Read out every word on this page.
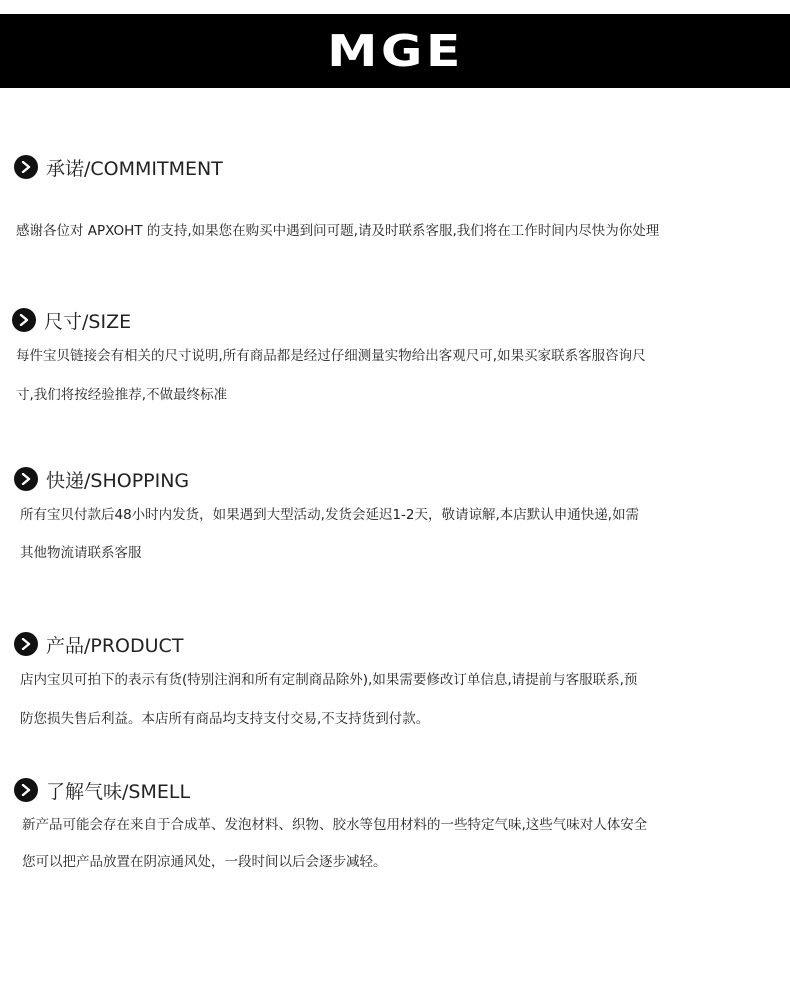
MGE
承诺/COMMITMENT
感谢各位对 APXOHT 的支持,如果您在购买中遇到问可题,请及时联系客服,我们将在工作时间内尽快为你处理
尺寸/SIZE
每件宝贝链接会有相关的尺寸说明,所有商品都是经过仔细测量实物给出客观尺可,如果买家联系客服咨询尺
寸,我们将按经验推荐,不做最终标准
快递/SHOPPING
所有宝贝付款后48小时内发货，如果遇到大型活动,发货会延迟1-2天，敬请谅解,本店默认申通快递,如需
其他物流请联系客服
产品/PRODUCT
店内宝贝可拍下的表示有货(特别注润和所有定制商品除外),如果需要修改订单信息,请提前与客服联系,预
防您损失售后利益。本店所有商品均支持支付交易,不支持货到付款。
了解气味/SMELL
新产品可能会存在来自于合成革、发泡材料、织物、胶水等包用材料的一些特定气味,这些气味对人体安全
您可以把产品放置在阴凉通风处，一段时间以后会逐步减轻。
